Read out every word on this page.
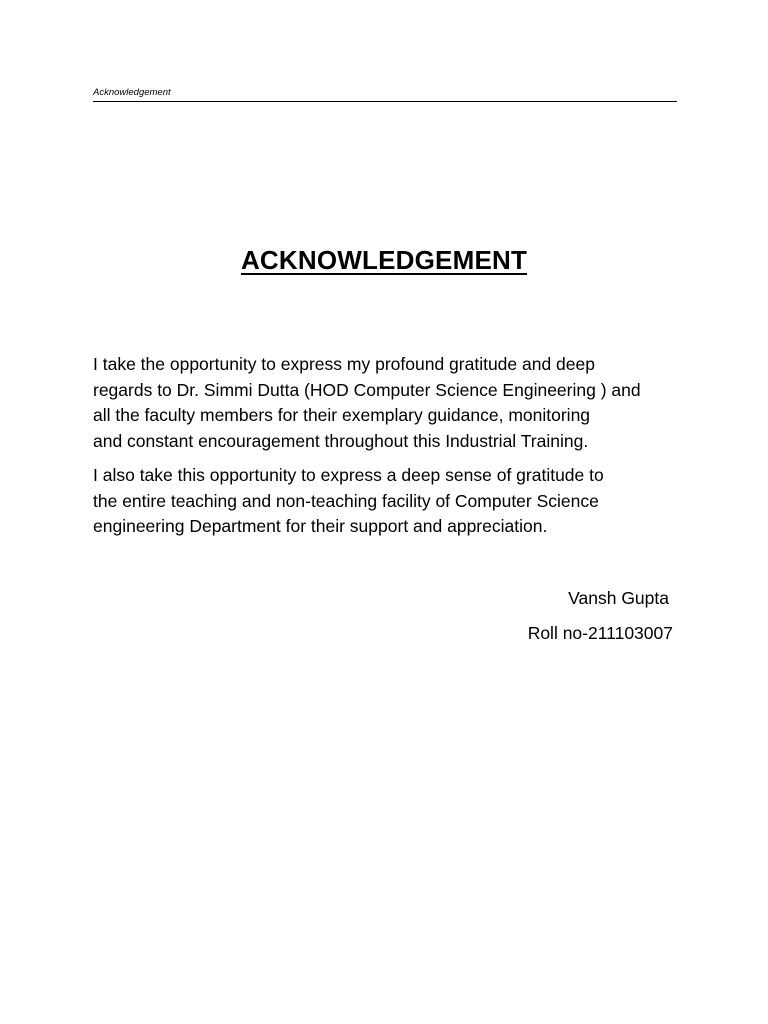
Acknowledgement
ACKNOWLEDGEMENT

I take the opportunity to express my profound gratitude and deep
regards to Dr. Simmi Dutta (HOD Computer Science Engineering ) and
all the faculty members for their exemplary guidance, monitoring
and constant encouragement throughout this Industrial Training.

I also take this opportunity to express a deep sense of gratitude to
the entire teaching and non-teaching facility of Computer Science
engineering Department for their support and appreciation.

Vansh Gupta
Roll no-211103007
